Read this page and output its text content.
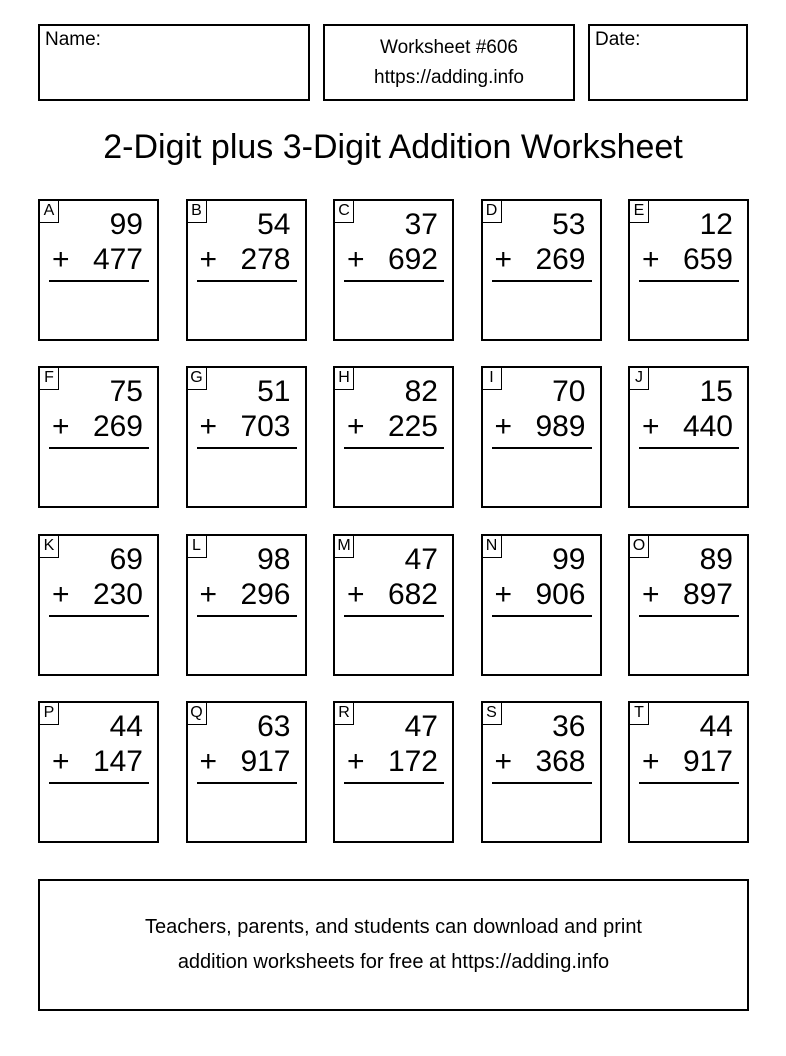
Name:	Worksheet #606
https://adding.info
Date:
2-Digit plus 3-Digit Addition Worksheet
A 99
+ 477
B 54
+ 278
C 37
+ 692
D 53
+ 269
E 12
+ 659
F 75
+ 269
G 51
+ 703
H 82
+ 225
I 70
+ 989
J 15
+ 440
K 69
+ 230
L 98
+ 296
M 47
+ 682
N 99
+ 906
O 89
+ 897
P 44
+ 147
Q 63
+ 917
R 47
+ 172
S 36
+ 368
T 44
+ 917
Teachers, parents, and students can download and print
addition worksheets for free at https://adding.info
